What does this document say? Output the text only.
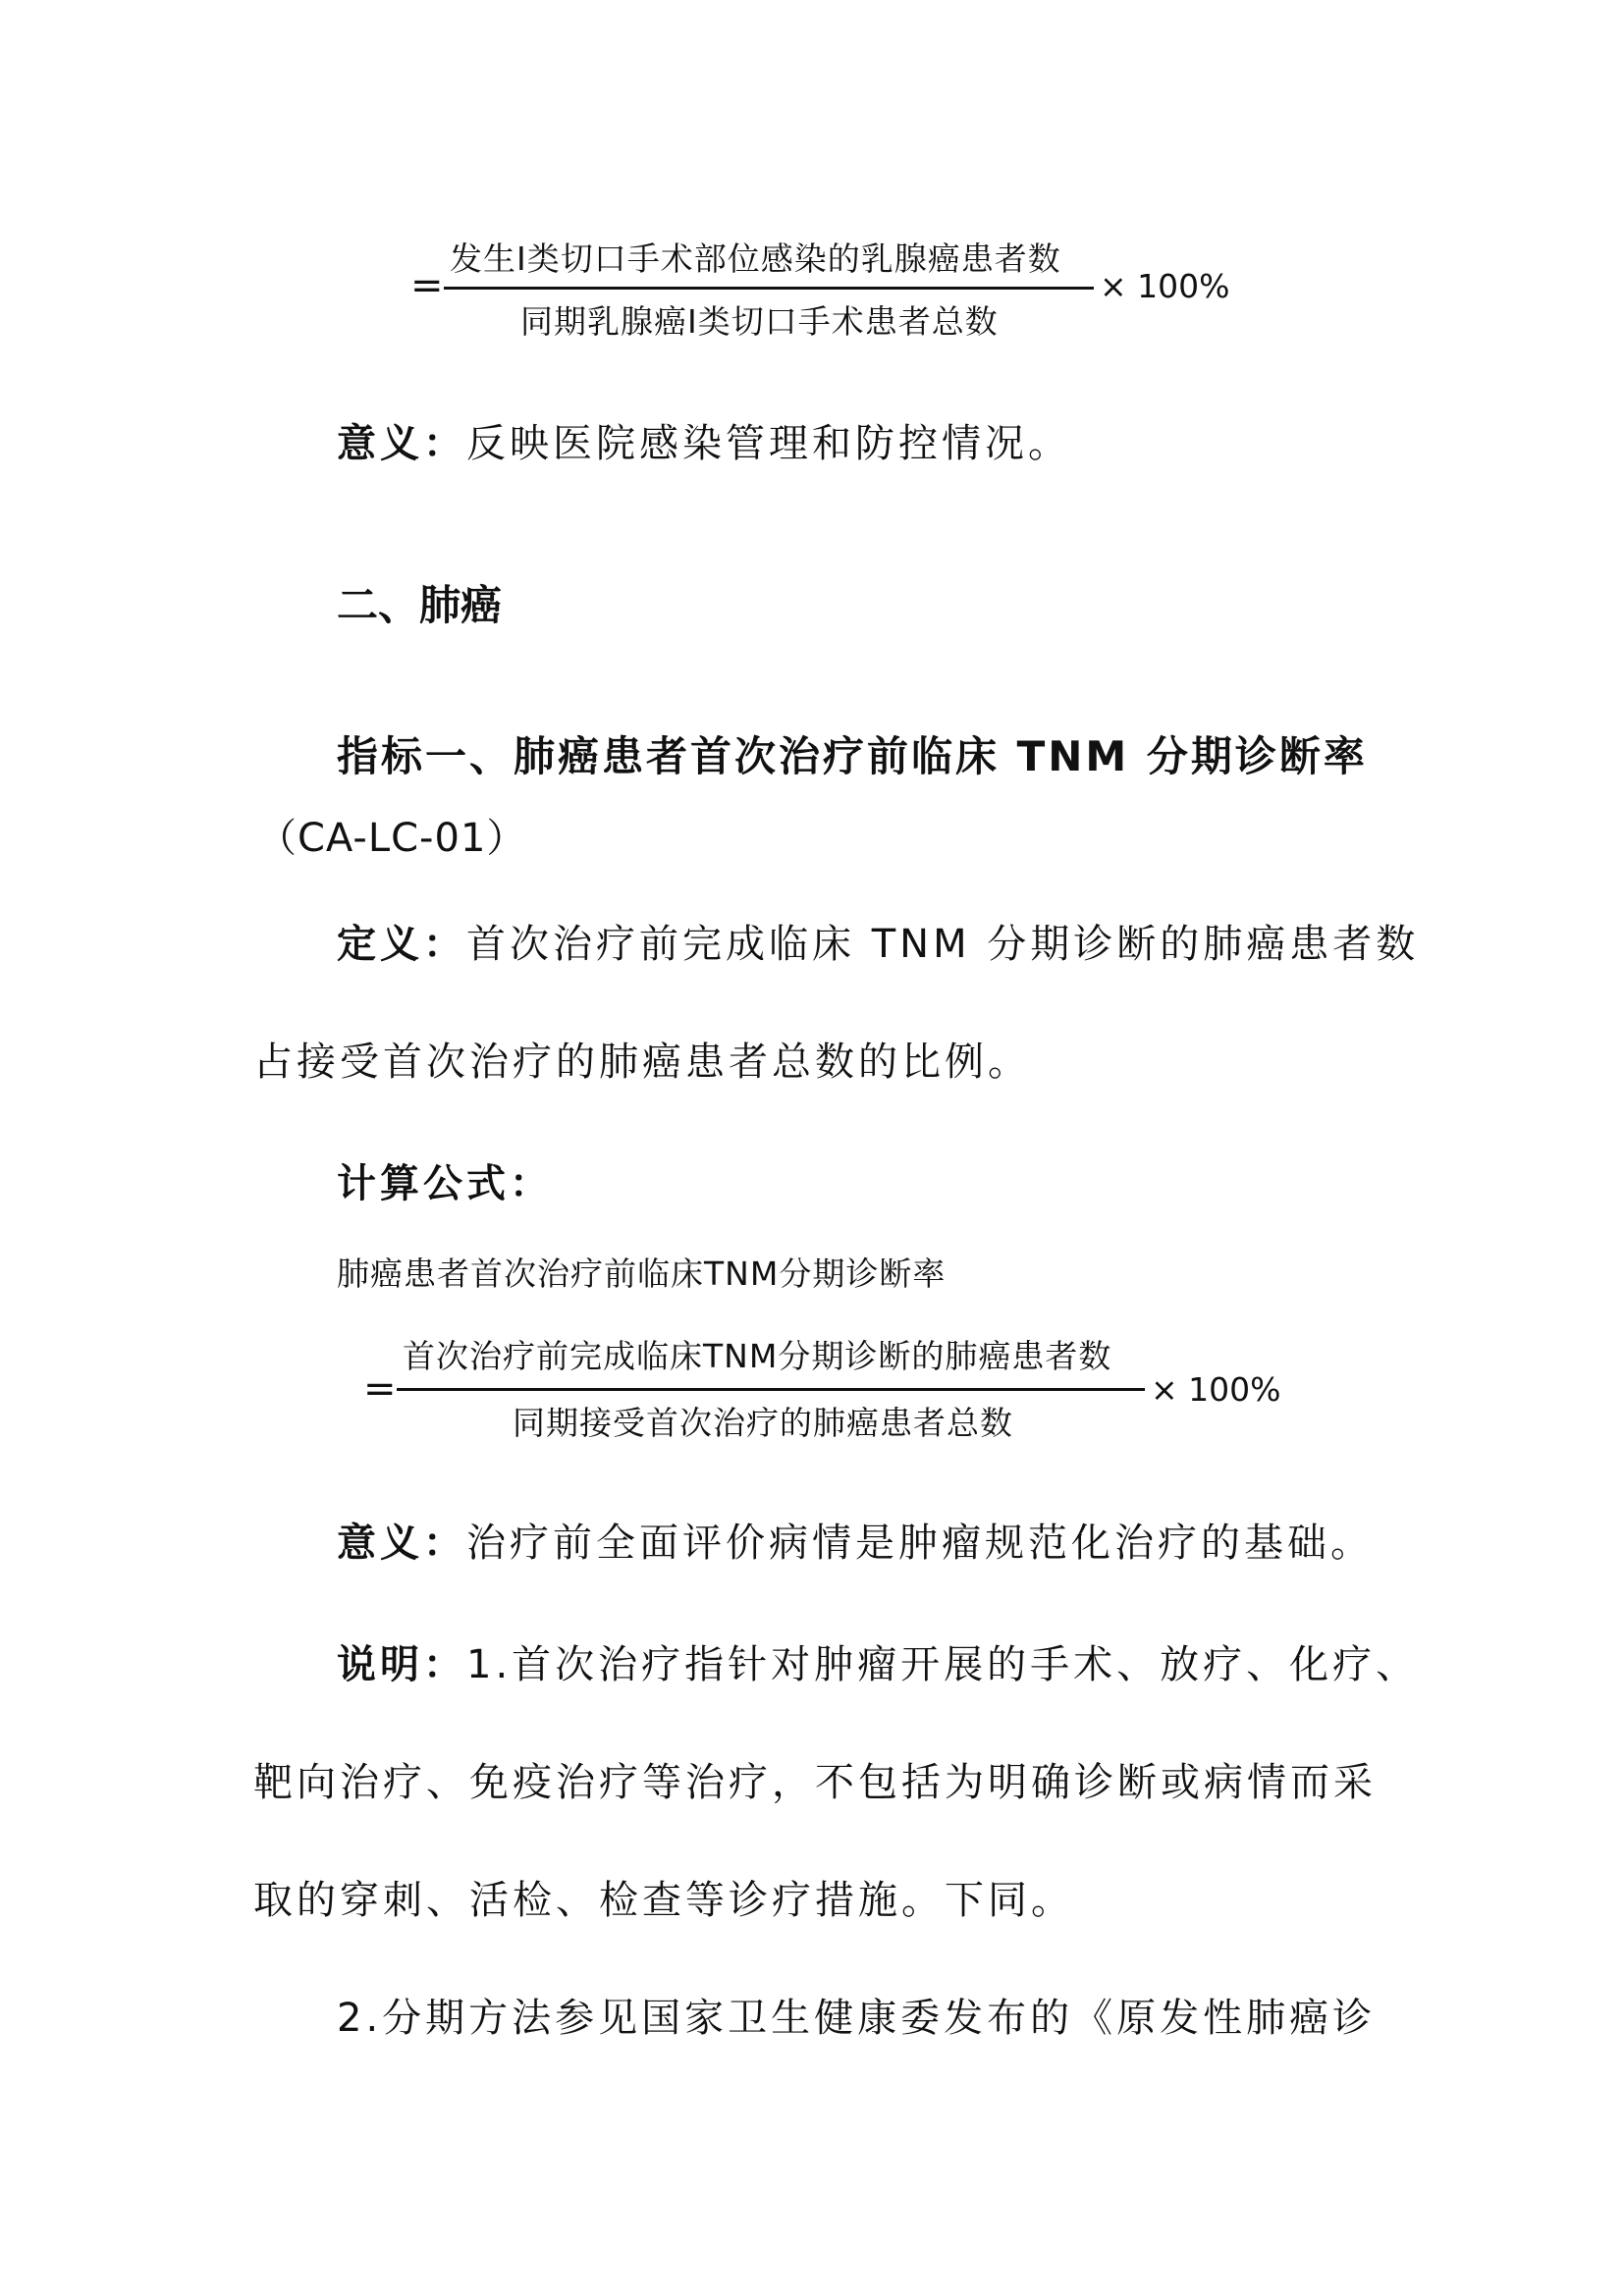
=
发生Ⅰ类切口手术部位感染的乳腺癌患者数
同期乳腺癌Ⅰ类切口手术患者总数
× 100%
意义：反映医院感染管理和防控情况。
二、肺癌
指标一、肺癌患者首次治疗前临床 TNM 分期诊断率
（CA-LC-01）
定义：首次治疗前完成临床 TNM 分期诊断的肺癌患者数
占接受首次治疗的肺癌患者总数的比例。
计算公式：
肺癌患者首次治疗前临床TNM分期诊断率
=
首次治疗前完成临床TNM分期诊断的肺癌患者数
同期接受首次治疗的肺癌患者总数
× 100%
意义：治疗前全面评价病情是肿瘤规范化治疗的基础。
说明：1.首次治疗指针对肿瘤开展的手术、放疗、化疗、
靶向治疗、免疫治疗等治疗，不包括为明确诊断或病情而采
取的穿刺、活检、检查等诊疗措施。下同。
2.分期方法参见国家卫生健康委发布的《原发性肺癌诊
